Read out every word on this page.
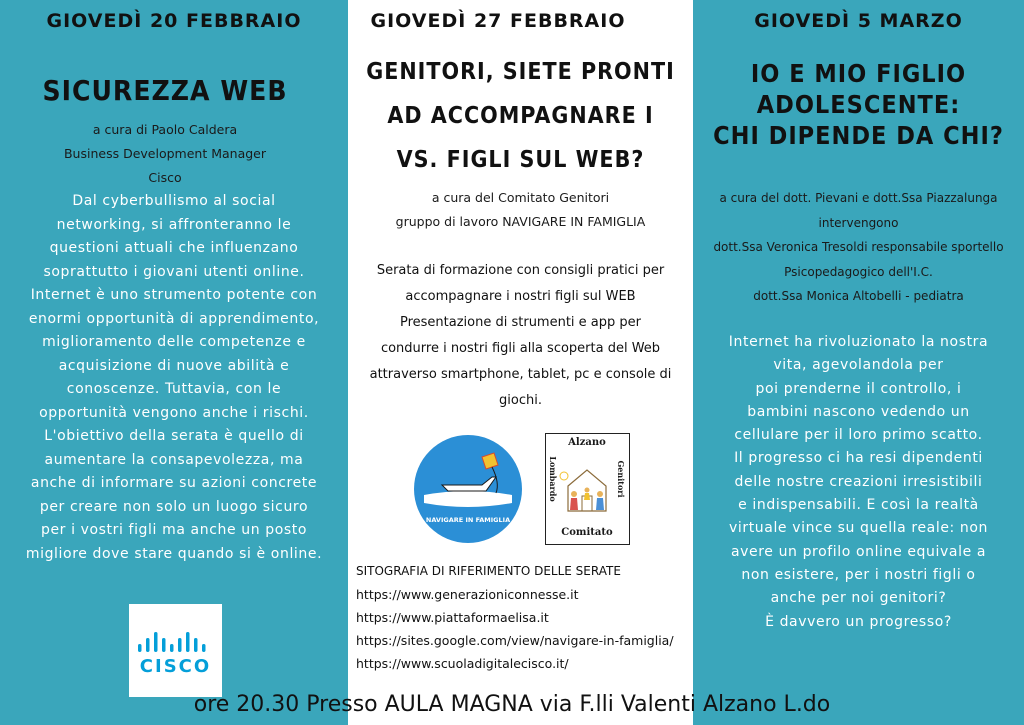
GIOVEDÌ 20 FEBBRAIO
SICUREZZA WEB
a cura di Paolo Caldera
Business Development Manager
Cisco
Dal cyberbullismo al social
networking, si affronteranno le
questioni attuali che influenzano
soprattutto i giovani utenti online.
Internet è uno strumento potente con
enormi opportunità di apprendimento,
miglioramento delle competenze e
acquisizione di nuove abilità e
conoscenze. Tuttavia, con le
opportunità vengono anche i rischi.
L'obiettivo della serata è quello di
aumentare la consapevolezza, ma
anche di informare su azioni concrete
per creare non solo un luogo sicuro
per i vostri figli ma anche un posto
migliore dove stare quando si è online.
CISCO
GIOVEDÌ 27 FEBBRAIO
GENITORI, SIETE PRONTI
AD ACCOMPAGNARE I
VS. FIGLI SUL WEB?
a cura del Comitato Genitori
gruppo di lavoro NAVIGARE IN FAMIGLIA
Serata di formazione con consigli pratici per
accompagnare i nostri figli sul WEB
Presentazione di strumenti e app per
condurre i nostri figli alla scoperta del Web
attraverso smartphone, tablet, pc e console di
giochi.
NAVIGARE IN FAMIGLIA
Alzano
Lombardo	Genitori
Comitato
SITOGRAFIA DI RIFERIMENTO DELLE SERATE
https://www.generazioniconnesse.it
https://www.piattaformaelisa.it
https://sites.google.com/view/navigare-in-famiglia/
https://www.scuoladigitalecisco.it/
GIOVEDÌ 5 MARZO
IO E MIO FIGLIO
ADOLESCENTE:
CHI DIPENDE DA CHI?
a cura del dott. Pievani e dott.Ssa Piazzalunga
intervengono
dott.Ssa Veronica Tresoldi responsabile sportello
Psicopedagogico dell'I.C.
dott.Ssa Monica Altobelli - pediatra
Internet ha rivoluzionato la nostra
vita, agevolandola per
poi prenderne il controllo, i
bambini nascono vedendo un
cellulare per il loro primo scatto.
Il progresso ci ha resi dipendenti
delle nostre creazioni irresistibili
e indispensabili. E così la realtà
virtuale vince su quella reale: non
avere un profilo online equivale a
non esistere, per i nostri figli o
anche per noi genitori?
È davvero un progresso?
ore 20.30 Presso AULA MAGNA via F.lli Valenti Alzano L.do
